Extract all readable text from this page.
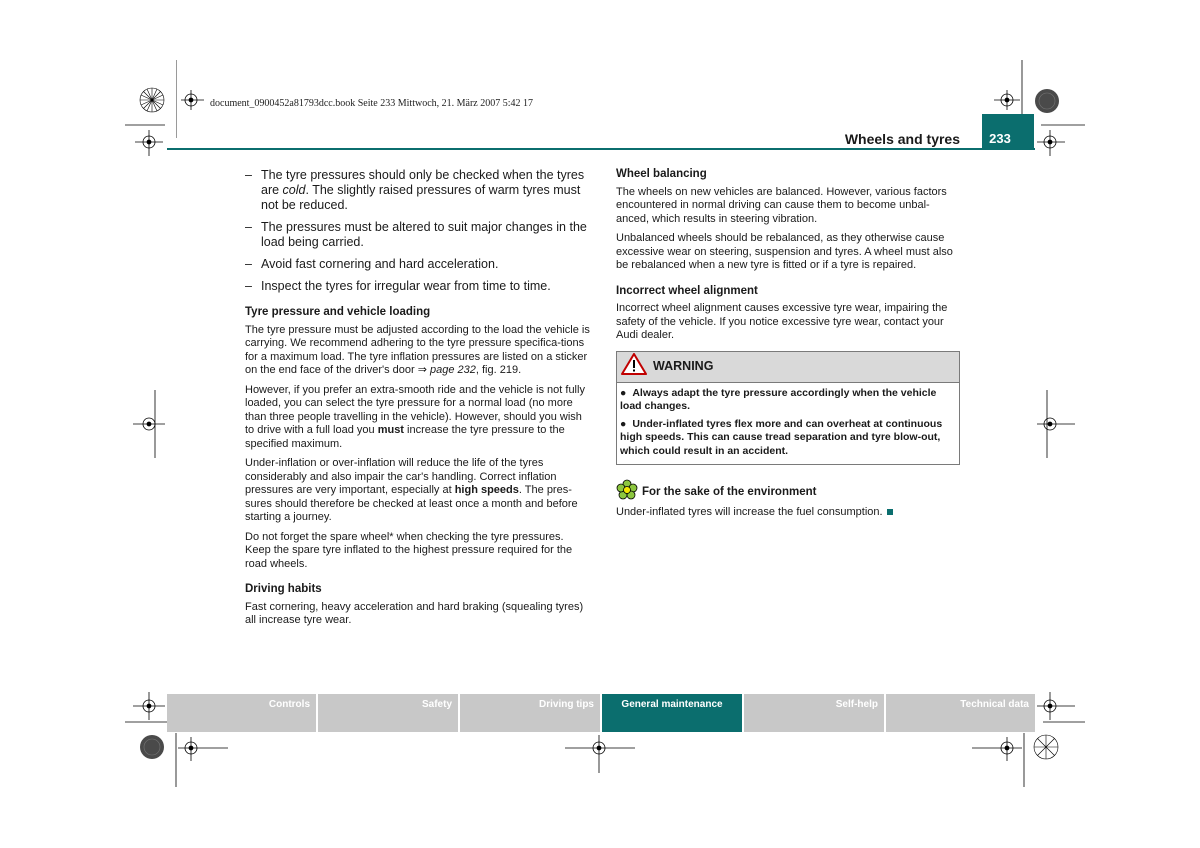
document_0900452a81793dcc.book Seite 233 Mittwoch, 21. März 2007 5:42 17
Wheels and tyres	233
– The tyre pressures should only be checked when the tyres are cold. The slightly raised pressures of warm tyres must not be reduced.
– The pressures must be altered to suit major changes in the load being carried.
– Avoid fast cornering and hard acceleration.
– Inspect the tyres for irregular wear from time to time.
Tyre pressure and vehicle loading

The tyre pressure must be adjusted according to the load the vehicle is carrying. We recommend adhering to the tyre pressure specifica-tions for a maximum load. The tyre inflation pressures are listed on a sticker on the end face of the driver's door ⇒ page 232, fig. 219.

However, if you prefer an extra-smooth ride and the vehicle is not fully loaded, you can select the tyre pressure for a normal load (no more than three people travelling in the vehicle). However, should you wish to drive with a full load you must increase the tyre pressure to the specified maximum.

Under-inflation or over-inflation will reduce the life of the tyres considerably and also impair the car's handling. Correct inflation pressures are very important, especially at high speeds. The pres-sures should therefore be checked at least once a month and before starting a journey.

Do not forget the spare wheel* when checking the tyre pressures. Keep the spare tyre inflated to the highest pressure required for the road wheels.

Driving habits

Fast cornering, heavy acceleration and hard braking (squealing tyres) all increase tyre wear.

Wheel balancing

The wheels on new vehicles are balanced. However, various factors encountered in normal driving can cause them to become unbal-anced, which results in steering vibration.

Unbalanced wheels should be rebalanced, as they otherwise cause excessive wear on steering, suspension and tyres. A wheel must also be rebalanced when a new tyre is fitted or if a tyre is repaired.

Incorrect wheel alignment

Incorrect wheel alignment causes excessive tyre wear, impairing the safety of the vehicle. If you notice excessive tyre wear, contact your Audi dealer.

WARNING
● Always adapt the tyre pressure accordingly when the vehicle load changes.
● Under-inflated tyres flex more and can overheat at continuous high speeds. This can cause tread separation and tyre blow-out, which could result in an accident.
For the sake of the environment

Under-inflated tyres will increase the fuel consumption.

Controls	Safety	Driving tips	General maintenance	Self-help	Technical data
